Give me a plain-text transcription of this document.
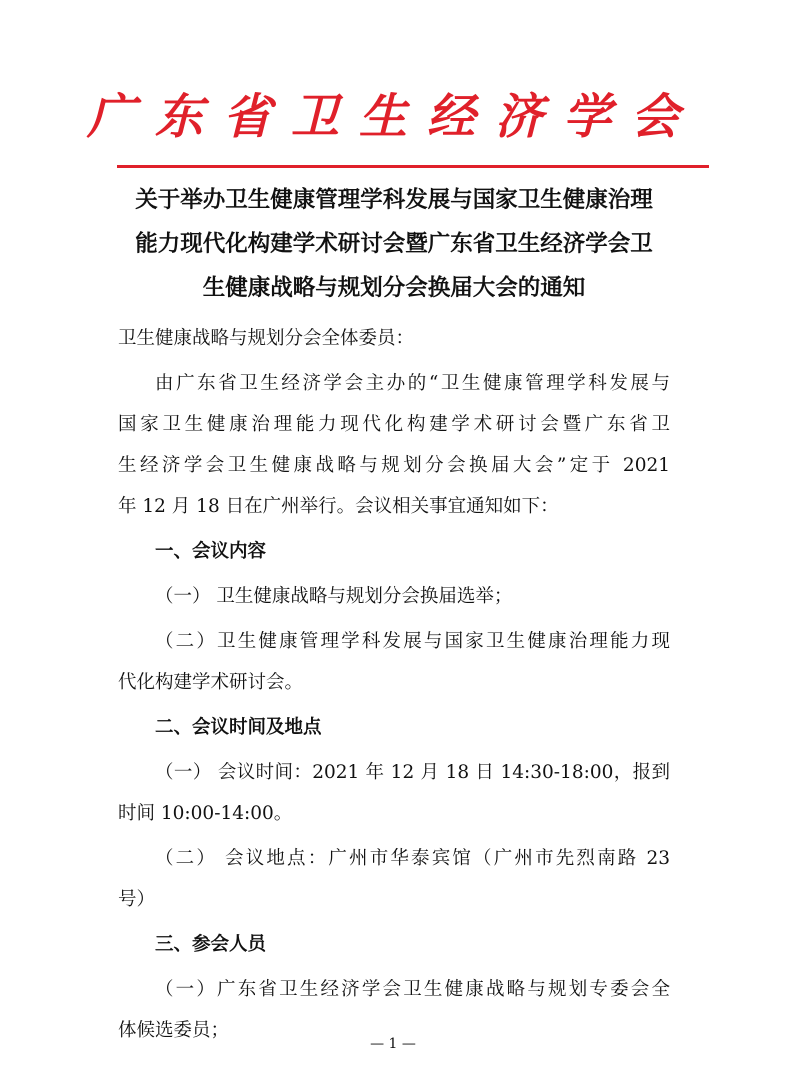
广东省卫生经济学会
关于举办卫生健康管理学科发展与国家卫生健康治理
能力现代化构建学术研讨会暨广东省卫生经济学会卫
生健康战略与规划分会换届大会的通知
卫生健康战略与规划分会全体委员：
由广东省卫生经济学会主办的“卫生健康管理学科发展与
国家卫生健康治理能力现代化构建学术研讨会暨广东省卫
生经济学会卫生健康战略与规划分会换届大会”定于 2021
年 12 月 18 日在广州举行。会议相关事宜通知如下：
一、会议内容
（一） 卫生健康战略与规划分会换届选举；
（二）卫生健康管理学科发展与国家卫生健康治理能力现
代化构建学术研讨会。
二、会议时间及地点
（一） 会议时间：2021 年 12 月 18 日 14:30-18:00，报到
时间 10:00-14:00。
（二） 会议地点：广州市华泰宾馆（广州市先烈南路 23
号）
三、参会人员
（一）广东省卫生经济学会卫生健康战略与规划专委会全
体候选委员；
— 1 —
